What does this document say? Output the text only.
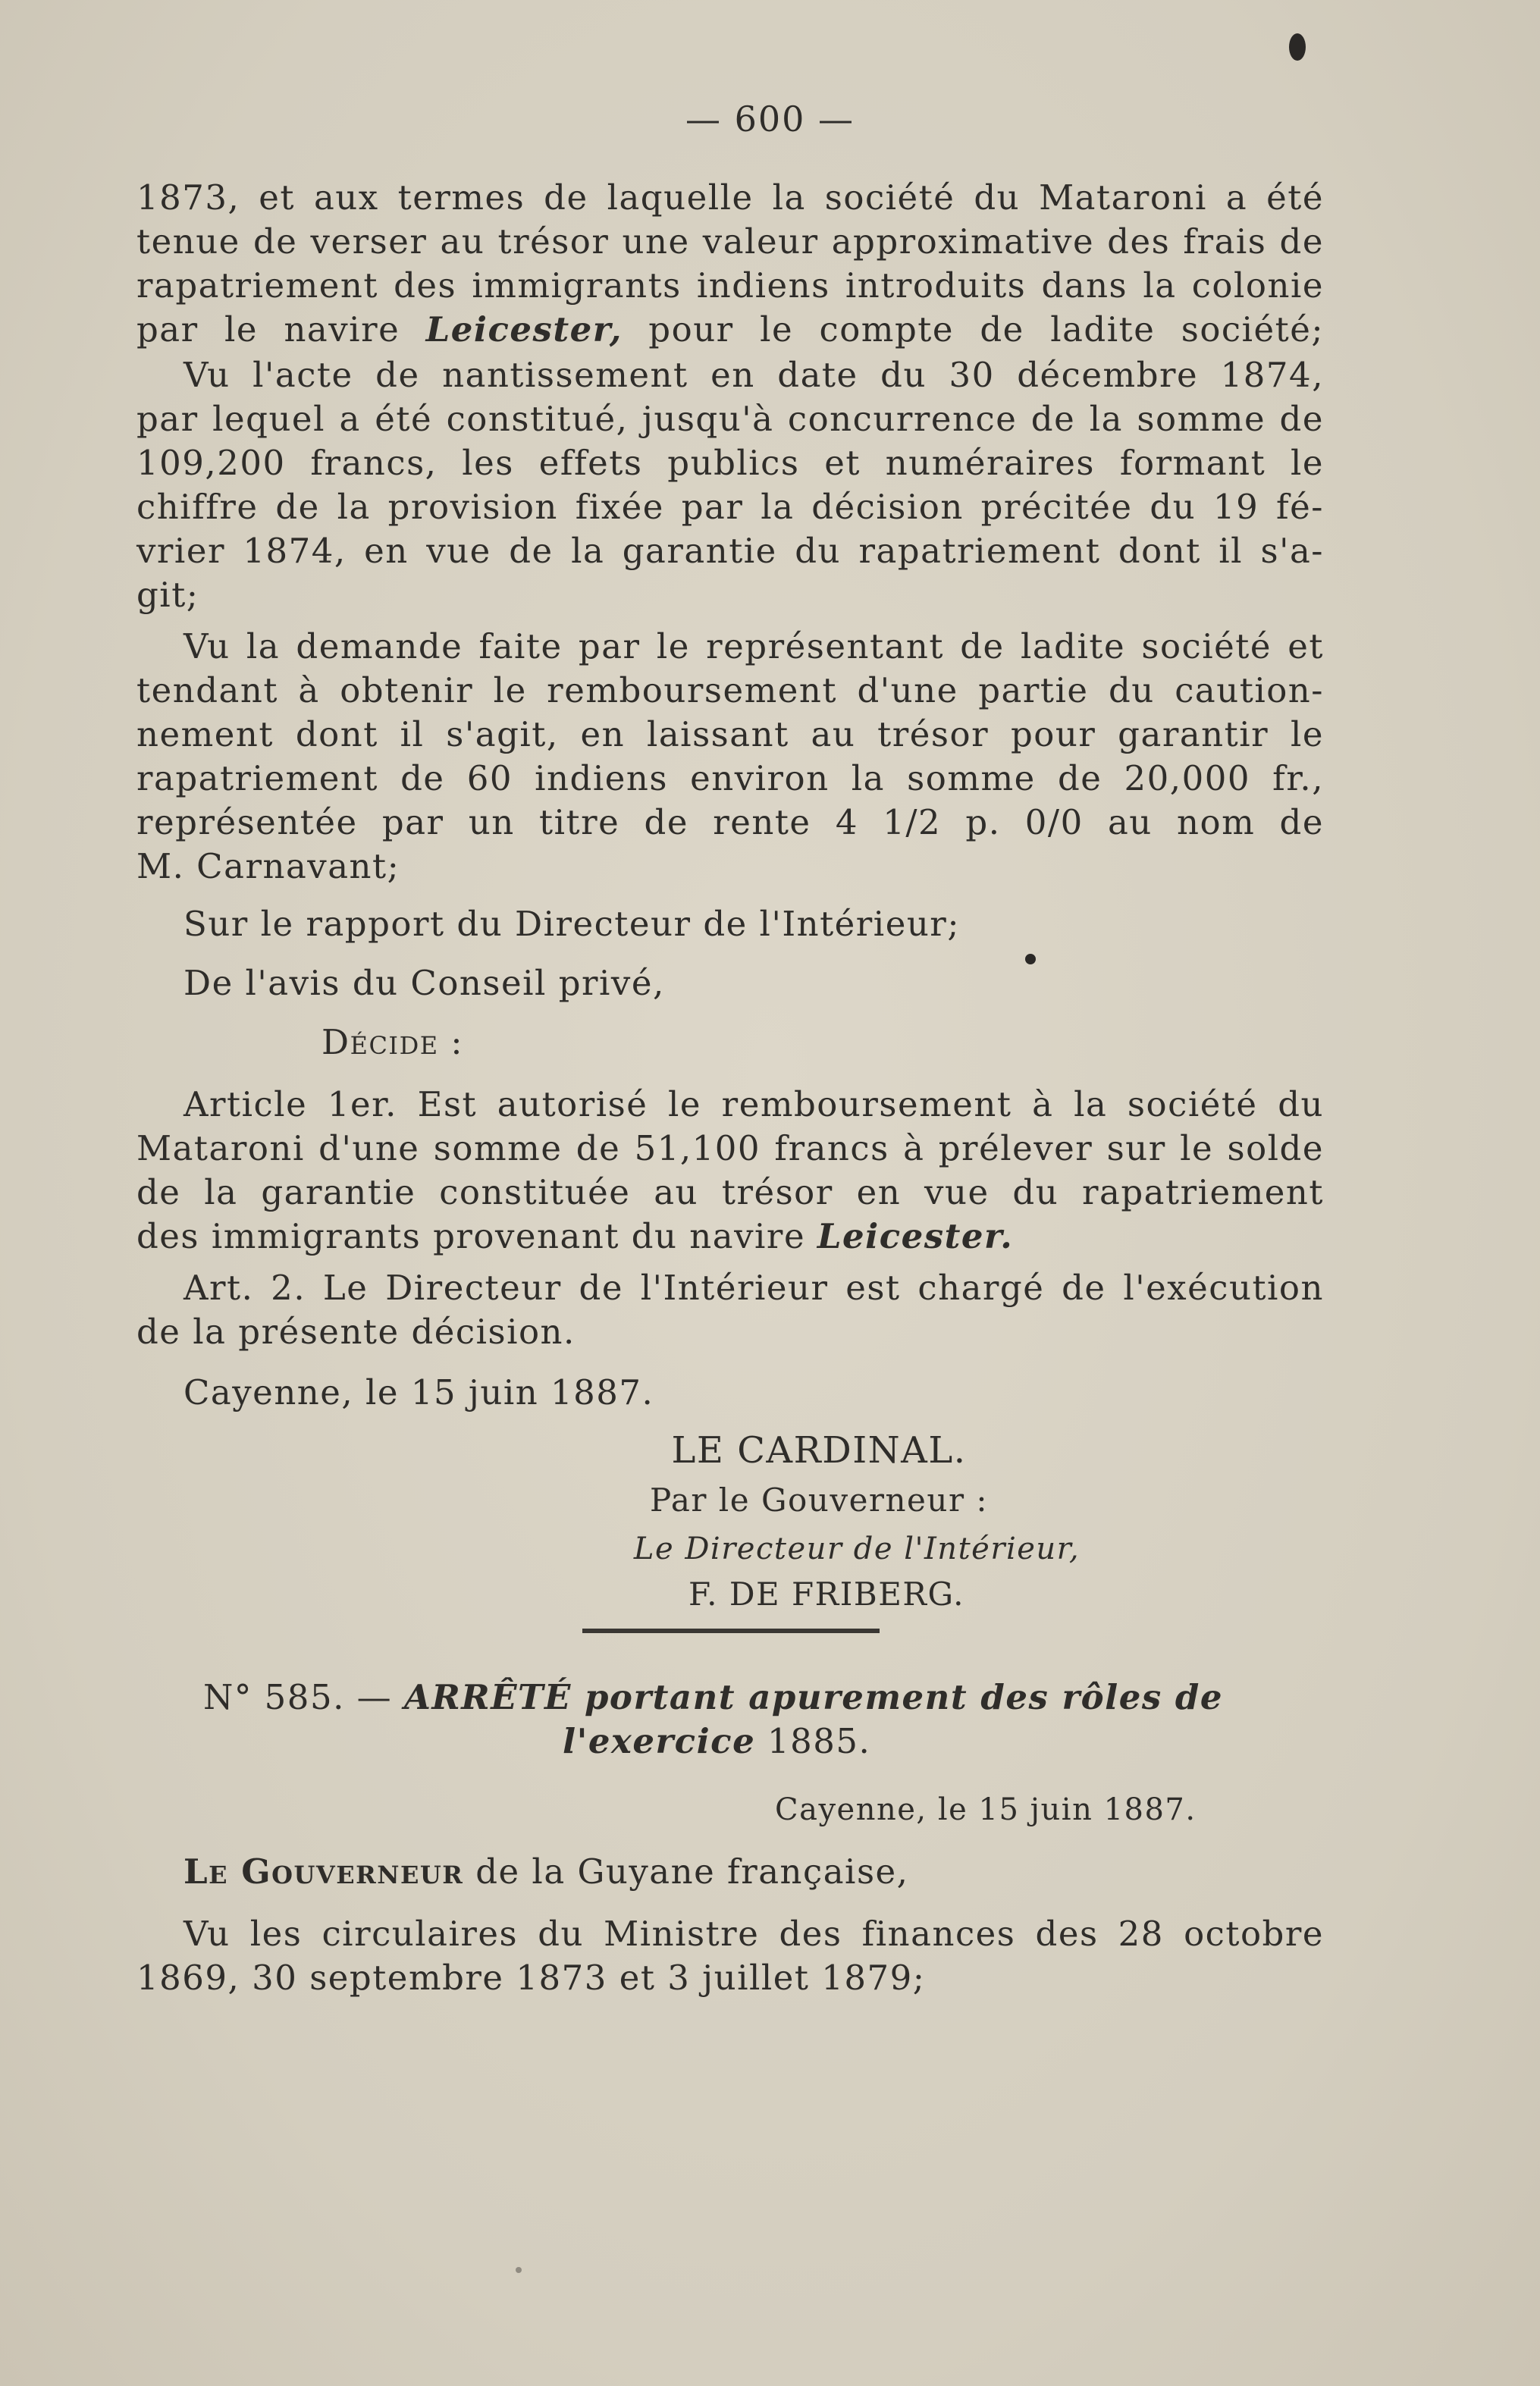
— 600 —
1873, et aux termes de laquelle la société du Mataroni a été
tenue de verser au trésor une valeur approximative des frais de
rapatriement des immigrants indiens introduits dans la colonie
par le navire Leicester, pour le compte de ladite société;
Vu l'acte de nantissement en date du 30 décembre 1874,
par lequel a été constitué, jusqu'à concurrence de la somme de
109,200 francs, les effets publics et numéraires formant le
chiffre de la provision fixée par la décision précitée du 19 fé-
vrier 1874, en vue de la garantie du rapatriement dont il s'a-
git;
Vu la demande faite par le représentant de ladite société et
tendant à obtenir le remboursement d'une partie du caution-
nement dont il s'agit, en laissant au trésor pour garantir le
rapatriement de 60 indiens environ la somme de 20,000 fr.,
représentée par un titre de rente 4 1/2 p. 0/0 au nom de
M. Carnavant;
Sur le rapport du Directeur de l'Intérieur;
De l'avis du Conseil privé,
Décide :
Article 1er. Est autorisé le remboursement à la société du
Mataroni d'une somme de 51,100 francs à prélever sur le solde
de la garantie constituée au trésor en vue du rapatriement
des immigrants provenant du navire Leicester.
Art. 2. Le Directeur de l'Intérieur est chargé de l'exécution
de la présente décision.
Cayenne, le 15 juin 1887.
LE CARDINAL.
Par le Gouverneur :
Le Directeur de l'Intérieur,
F. DE FRIBERG.
N° 585. — ARRÊTÉ portant apurement des rôles de
l'exercice 1885.
Cayenne, le 15 juin 1887.
Le Gouverneur de la Guyane française,
Vu les circulaires du Ministre des finances des 28 octobre
1869, 30 septembre 1873 et 3 juillet 1879;
